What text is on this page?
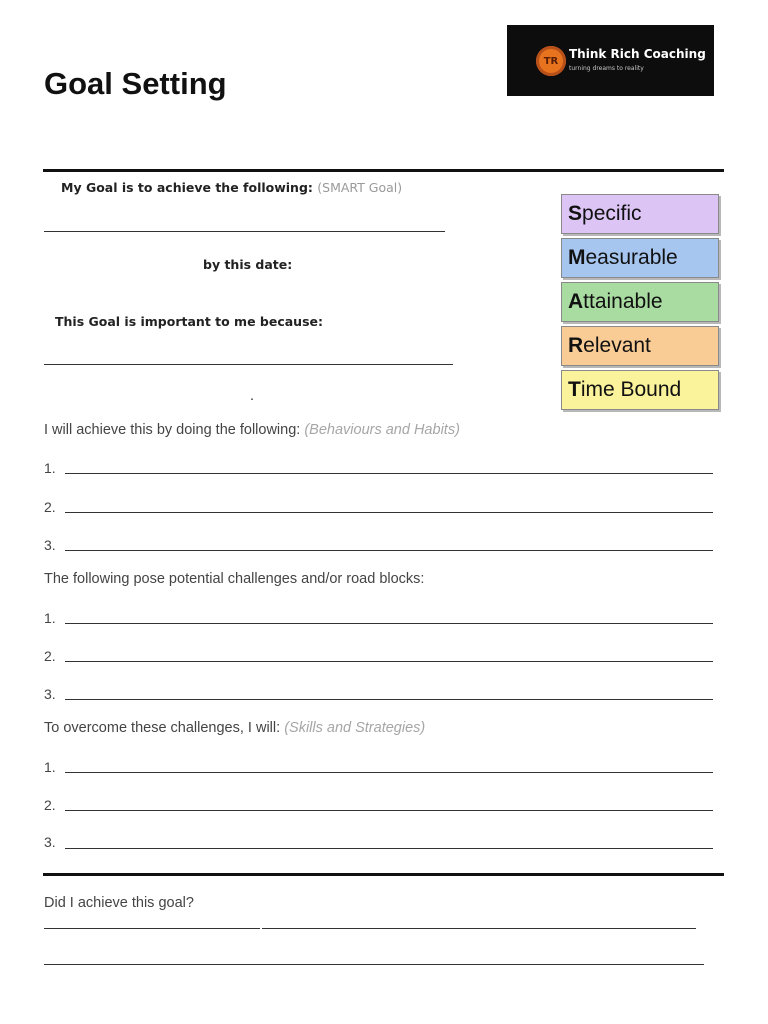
Goal Setting
TR Think Rich Coaching
turning dreams to reality
My Goal is to achieve the following: (SMART Goal)
by this date:
This Goal is important to me because:
.
S pecific
M easurable
A ttainable
R elevant
T ime Bound
I will achieve this by doing the following: (Behaviours and Habits)
1.
2.
3.
The following pose potential challenges and/or road blocks:
1.
2.
3.
To overcome these challenges, I will: (Skills and Strategies)
1.
2.
3.
Did I achieve this goal?
